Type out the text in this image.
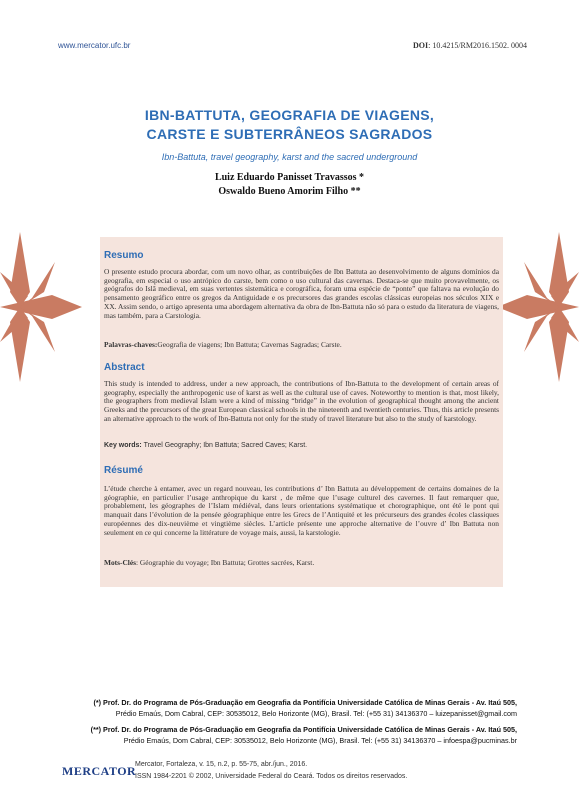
www.mercator.ufc.br	DOI: 10.4215/RM2016.1502. 0004
IBN-BATTUTA, GEOGRAFIA DE VIAGENS,
CARSTE E SUBTERRÂNEOS SAGRADOS
Ibn-Battuta, travel geography, karst and the sacred underground
Luiz Eduardo Panisset Travassos *
Oswaldo Bueno Amorim Filho **
Resumo
O presente estudo procura abordar, com um novo olhar, as contribuições de Ibn Battuta ao desenvolvimento de alguns domínios da geografia, em especial o uso antrópico do carste, bem como o uso cultural das cavernas. Destaca-se que muito provavelmente, os geógrafos do Islã medieval, em suas vertentes sistemática e corográfica, foram uma espécie de “ponte” que faltava na evolução do pensamento geográfico entre os gregos da Antiguidade e os precursores das grandes escolas clássicas europeias nos séculos XIX e XX. Assim sendo, o artigo apresenta uma abordagem alternativa da obra de Ibn-Battuta não só para o estudo da literatura de viagens, mas também, para a Carstologia.
Palavras-chaves:Geografia de viagens; Ibn Battuta; Cavernas Sagradas; Carste.
Abstract
This study is intended to address, under a new approach, the contributions of Ibn-Battuta to the development of certain areas of geography, especially the anthropogenic use of karst as well as the cultural use of caves. Noteworthy to mention is that, most likely, the geographers from medieval Islam were a kind of missing “bridge” in the evolution of geographical thought among the ancient Greeks and the precursors of the great European classical schools in the nineteenth and twentieth centuries. Thus, this article presents an alternative approach to the work of Ibn-Battuta not only for the study of travel literature but also to the study of karstology.
Key words: Travel Geography; Ibn Battuta; Sacred Caves; Karst.
Résumé
L’étude cherche à entamer, avec un regard nouveau, les contributions d’ Ibn Battuta au développement de certains domaines de la géographie, en particulier l’usage anthropique du karst , de même que l’usage culturel des cavernes. Il faut remarquer que, probablement, les géographes de l’Islam médiéval, dans leurs orientations systématique et chorographique, ont été le pont qui manquait dans l’évolution de la pensée géographique entre les Grecs de l’Antiquité et les précurseurs des grandes écoles classiques européennes des dix-neuvième et vingtième siècles. L’article présente une approche alternative de l’ouvre d’ Ibn Battuta non seulement en ce qui concerne la littérature de voyage mais, aussi, la karstologie.
Mots-Clés: Géographie du voyage; Ibn Battuta; Grottes sacrées, Karst.
(*) Prof. Dr. do Programa de Pós-Graduação em Geografia da Pontifícia Universidade Católica de Minas Gerais - Av. Itaú 505,
Prédio Emaús, Dom Cabral, CEP: 30535012, Belo Horizonte (MG), Brasil. Tel: (+55 31) 34136370 – luizepanisset@gmail.com
(**) Prof. Dr. do Programa de Pós-Graduação em Geografia da Pontifícia Universidade Católica de Minas Gerais - Av. Itaú 505,
Prédio Emaús, Dom Cabral, CEP: 30535012, Belo Horizonte (MG), Brasil. Tel: (+55 31) 34136370 – infoespa@pucminas.br
MERCATOR
Mercator, Fortaleza, v. 15, n.2, p. 55-75, abr./jun., 2016.
ISSN 1984-2201 © 2002, Universidade Federal do Ceará. Todos os direitos reservados.
